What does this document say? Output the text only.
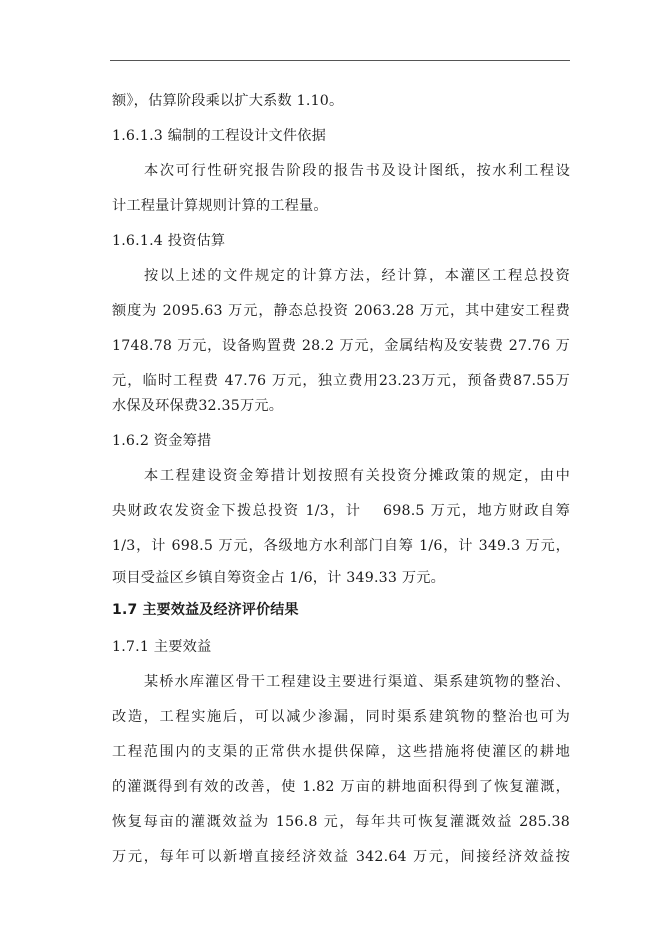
额》，估算阶段乘以扩大系数 1.10。
1.6.1.3 编制的工程设计文件依据
本次可行性研究报告阶段的报告书及设计图纸，按水利工程设
计工程量计算规则计算的工程量。
1.6.1.4 投资估算
按以上述的文件规定的计算方法，经计算，本灌区工程总投资
额度为 2095.63 万元，静态总投资 2063.28 万元，其中建安工程费
1748.78 万元，设备购置费 28.2 万元，金属结构及安装费 27.76 万
元，临时工程费 47.76 万元，独立费用23.23万元，预备费87.55万
水保及环保费32.35万元。
1.6.2 资金筹措
本工程建设资金筹措计划按照有关投资分摊政策的规定，由中
央财政农发资金下拨总投资 1/3，计　 698.5 万元，地方财政自筹
1/3，计 698.5 万元，各级地方水利部门自筹 1/6，计 349.3 万元，
项目受益区乡镇自筹资金占 1/6，计 349.33 万元。
1.7 主要效益及经济评价结果
1.7.1 主要效益
某桥水库灌区骨干工程建设主要进行渠道、渠系建筑物的整治、
改造，工程实施后，可以减少渗漏，同时渠系建筑物的整治也可为
工程范围内的支渠的正常供水提供保障，这些措施将使灌区的耕地
的灌溉得到有效的改善，使 1.82 万亩的耕地面积得到了恢复灌溉，
恢复每亩的灌溉效益为 156.8 元，每年共可恢复灌溉效益 285.38
万元，每年可以新增直接经济效益 342.64 万元，间接经济效益按
